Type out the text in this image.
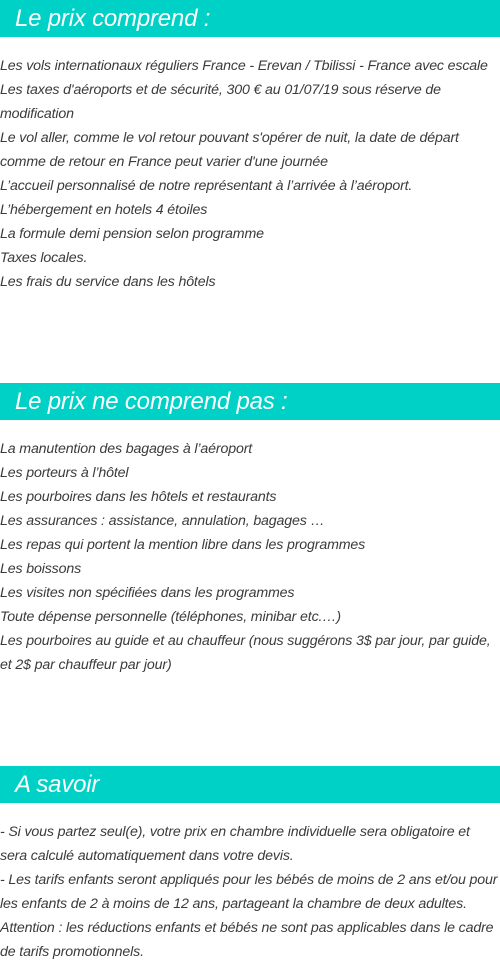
Le prix comprend :
Les vols internationaux réguliers France - Erevan / Tbilissi - France avec escale
Les taxes d'aéroports et de sécurité, 300 € au 01/07/19 sous réserve de modification
Le vol aller, comme le vol retour pouvant s'opérer de nuit, la date de départ comme de retour en France peut varier d'une journée
L’accueil personnalisé de notre représentant à l’arrivée à l’aéroport.
L’hébergement en hotels 4 étoiles
La formule demi pension selon programme
Taxes locales.
Les frais du service dans les hôtels
Le prix ne comprend pas :
La manutention des bagages à l’aéroport
Les porteurs à l’hôtel
Les pourboires dans les hôtels et restaurants
Les assurances : assistance, annulation, bagages …
Les repas qui portent la mention libre dans les programmes
Les boissons
Les visites non spécifiées dans les programmes
Toute dépense personnelle (téléphones, minibar etc.…)
Les pourboires au guide et au chauffeur (nous suggérons 3$ par jour, par guide, et 2$ par chauffeur par jour)
A savoir
- Si vous partez seul(e), votre prix en chambre individuelle sera obligatoire et sera calculé automatiquement dans votre devis.
- Les tarifs enfants seront appliqués pour les bébés de moins de 2 ans et/ou pour les enfants de 2 à moins de 12 ans, partageant la chambre de deux adultes.
Attention : les réductions enfants et bébés ne sont pas applicables dans le cadre de tarifs promotionnels.
